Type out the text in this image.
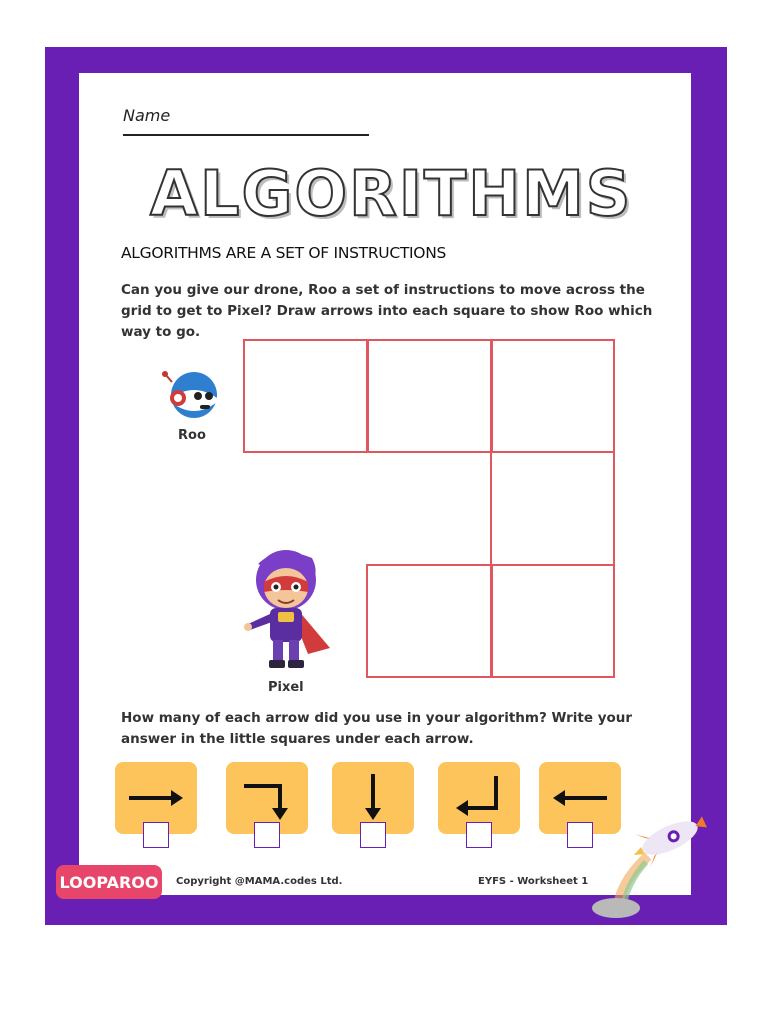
Name
ALGORITHMS
ALGORITHMS ARE A SET OF INSTRUCTIONS
Can you give our drone, Roo a set of instructions to move across the grid to get to Pixel? Draw arrows into each square to show Roo which way to go.
Roo
Pixel
How many of each arrow did you use in your algorithm? Write your answer in the little squares under each arrow.
LOOPAROO Copyright @MAMA.codes Ltd.	EYFS - Worksheet 1
